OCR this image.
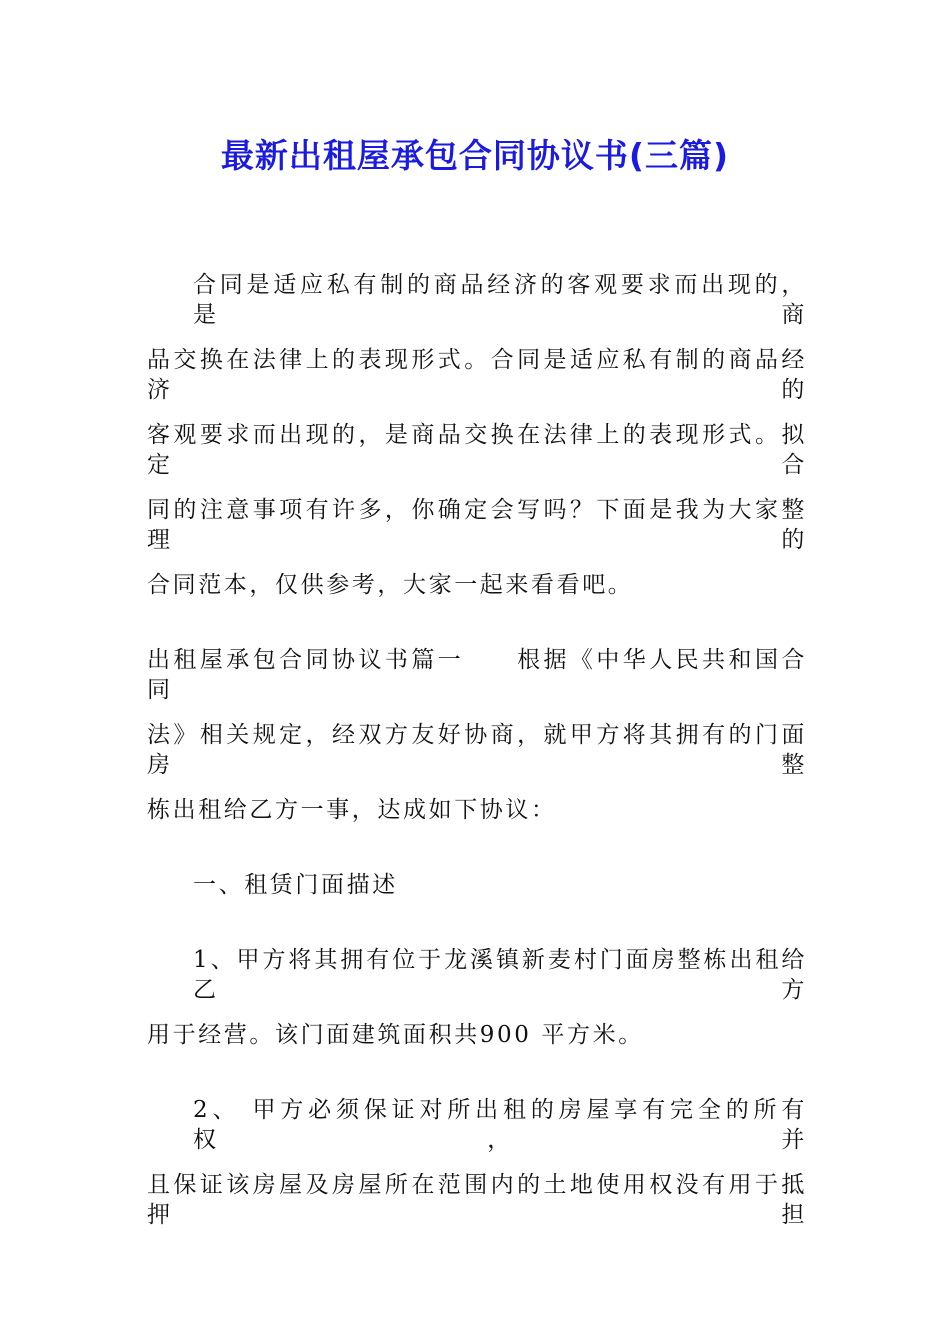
最新出租屋承包合同协议书(三篇)
合同是适应私有制的商品经济的客观要求而出现的，是商
品交换在法律上的表现形式。合同是适应私有制的商品经济的
客观要求而出现的，是商品交换在法律上的表现形式。拟定合
同的注意事项有许多，你确定会写吗？下面是我为大家整理的
合同范本，仅供参考，大家一起来看看吧。
出租屋承包合同协议书篇一　　根据《中华人民共和国合同
法》相关规定，经双方友好协商，就甲方将其拥有的门面房整
栋出租给乙方一事，达成如下协议：
一、租赁门面描述
1、甲方将其拥有位于龙溪镇新麦村门面房整栋出租给乙方
用于经营。该门面建筑面积共900 平方米。
2、 甲方必须保证对所出租的房屋享有完全的所有权，并
且保证该房屋及房屋所在范围内的土地使用权没有用于抵押担
